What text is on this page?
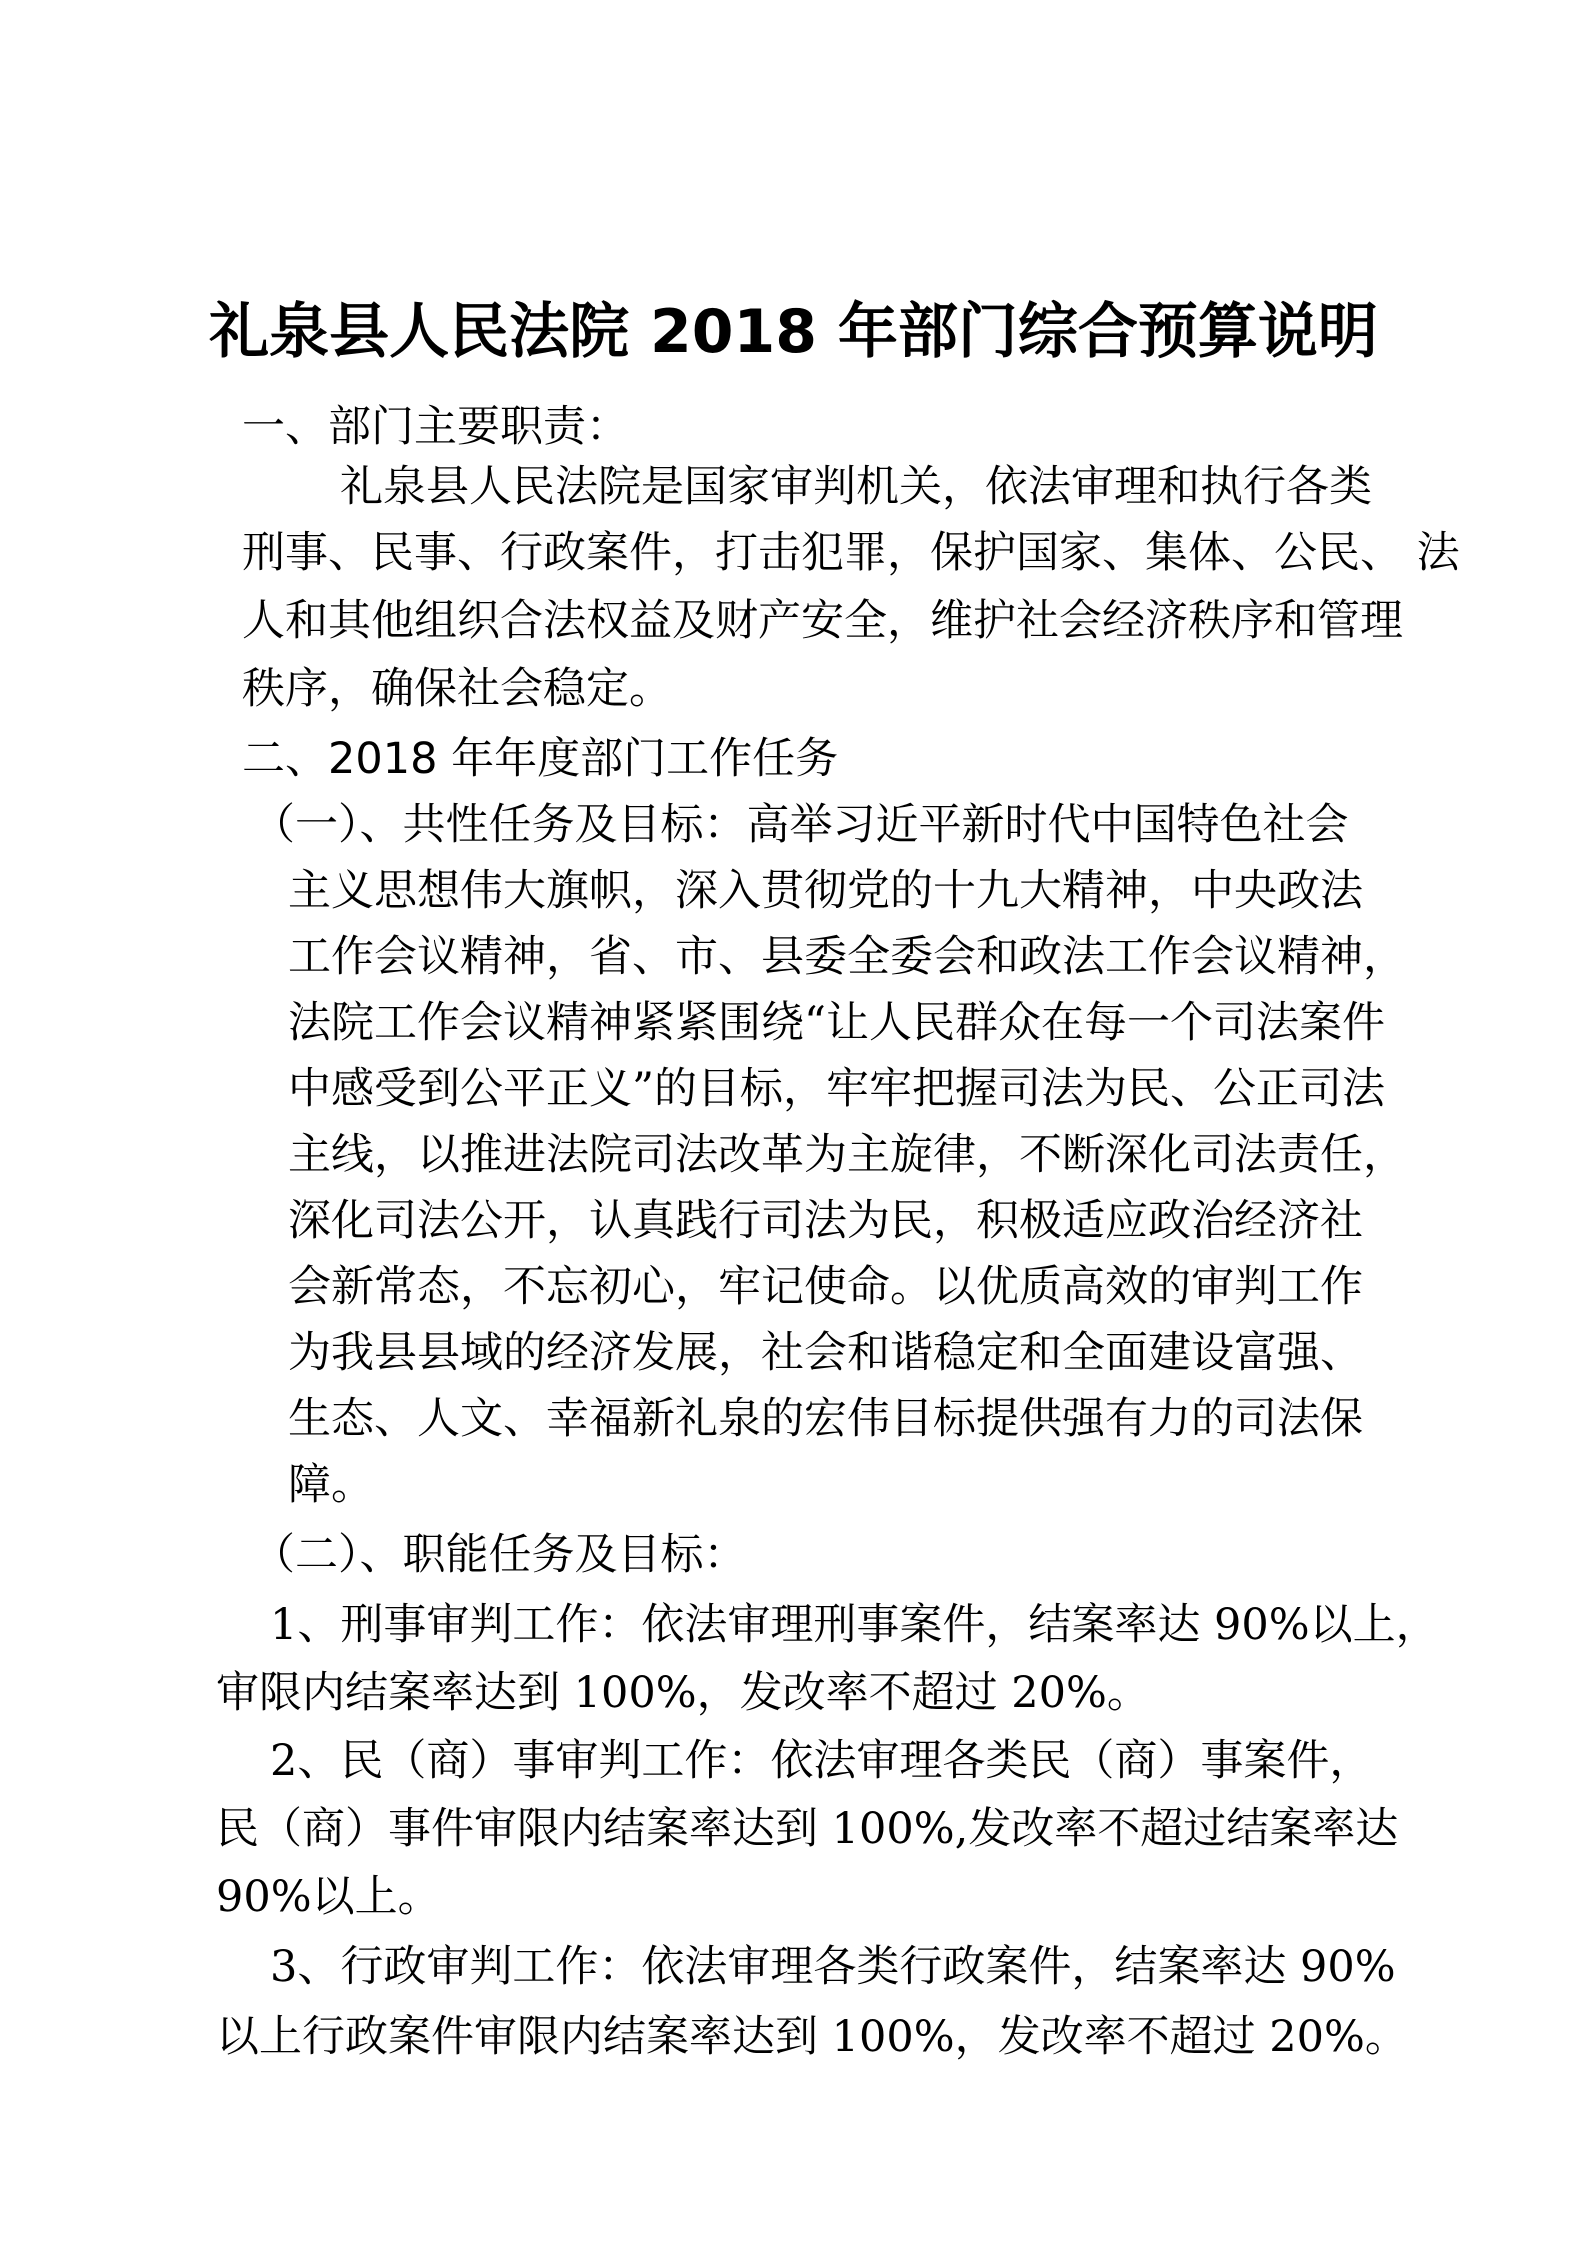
礼泉县人民法院 2018 年部门综合预算说明
一、部门主要职责：
礼泉县人民法院是国家审判机关，依法审理和执行各类
刑事、民事、行政案件，打击犯罪，保护国家、集体、公民、 法
人和其他组织合法权益及财产安全，维护社会经济秩序和管理
秩序，确保社会稳定。
二、2018 年年度部门工作任务
（一）、共性任务及目标：高举习近平新时代中国特色社会
主义思想伟大旗帜，深入贯彻党的十九大精神，中央政法
工作会议精神，省、市、县委全委会和政法工作会议精神，
法院工作会议精神紧紧围绕“让人民群众在每一个司法案件
中感受到公平正义”的目标，牢牢把握司法为民、公正司法
主线，以推进法院司法改革为主旋律，不断深化司法责任，
深化司法公开，认真践行司法为民，积极适应政治经济社
会新常态，不忘初心，牢记使命。以优质高效的审判工作
为我县县域的经济发展，社会和谐稳定和全面建设富强、
生态、人文、幸福新礼泉的宏伟目标提供强有力的司法保
障。
（二）、职能任务及目标：
1、刑事审判工作：依法审理刑事案件，结案率达 90%以上，
审限内结案率达到 100%，发改率不超过 20%。
2、民（商）事审判工作：依法审理各类民（商）事案件，
民（商）事件审限内结案率达到 100%,发改率不超过结案率达
90%以上。
3、行政审判工作：依法审理各类行政案件，结案率达 90%
以上行政案件审限内结案率达到 100%，发改率不超过 20%。
